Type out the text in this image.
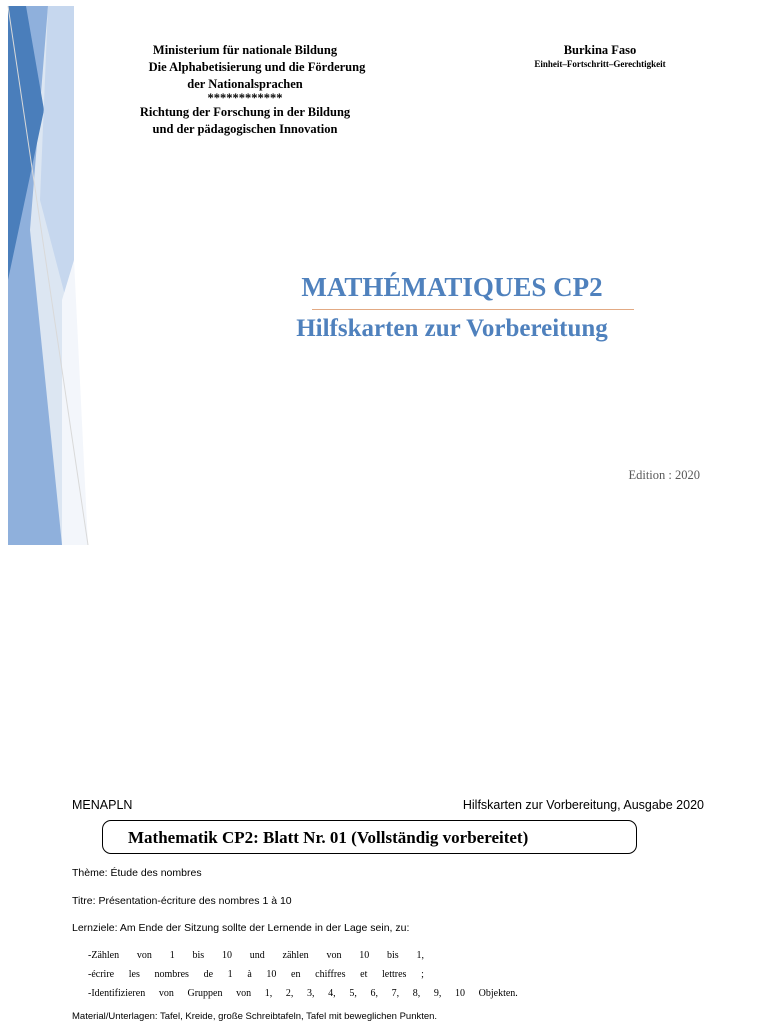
Ministerium für nationale Bildung
Die Alphabetisierung und die Förderung
der Nationalsprachen
************
Richtung der Forschung in der Bildung
und der pädagogischen Innovation
Burkina Faso
Einheit–Fortschritt–Gerechtigkeit
MATHÉMATIQUES CP2
Hilfskarten zur Vorbereitung
Edition : 2020
MENAPLN	Hilfskarten zur Vorbereitung, Ausgabe 2020
Mathematik CP2: Blatt Nr. 01 (Vollständig vorbereitet)
Thème: Étude des nombres
Titre: Présentation-écriture des nombres 1 à 10
Lernziele: Am Ende der Sitzung sollte der Lernende in der Lage sein, zu:
-Zählen von 1 bis 10 und zählen von 10 bis 1,
-écrire les nombres de 1 à 10 en chiffres et lettres ;
-Identifizieren von Gruppen von 1, 2, 3, 4, 5, 6, 7, 8, 9, 10 Objekten.
Material/Unterlagen: Tafel, Kreide, große Schreibtafeln, Tafel mit beweglichen Punkten.
